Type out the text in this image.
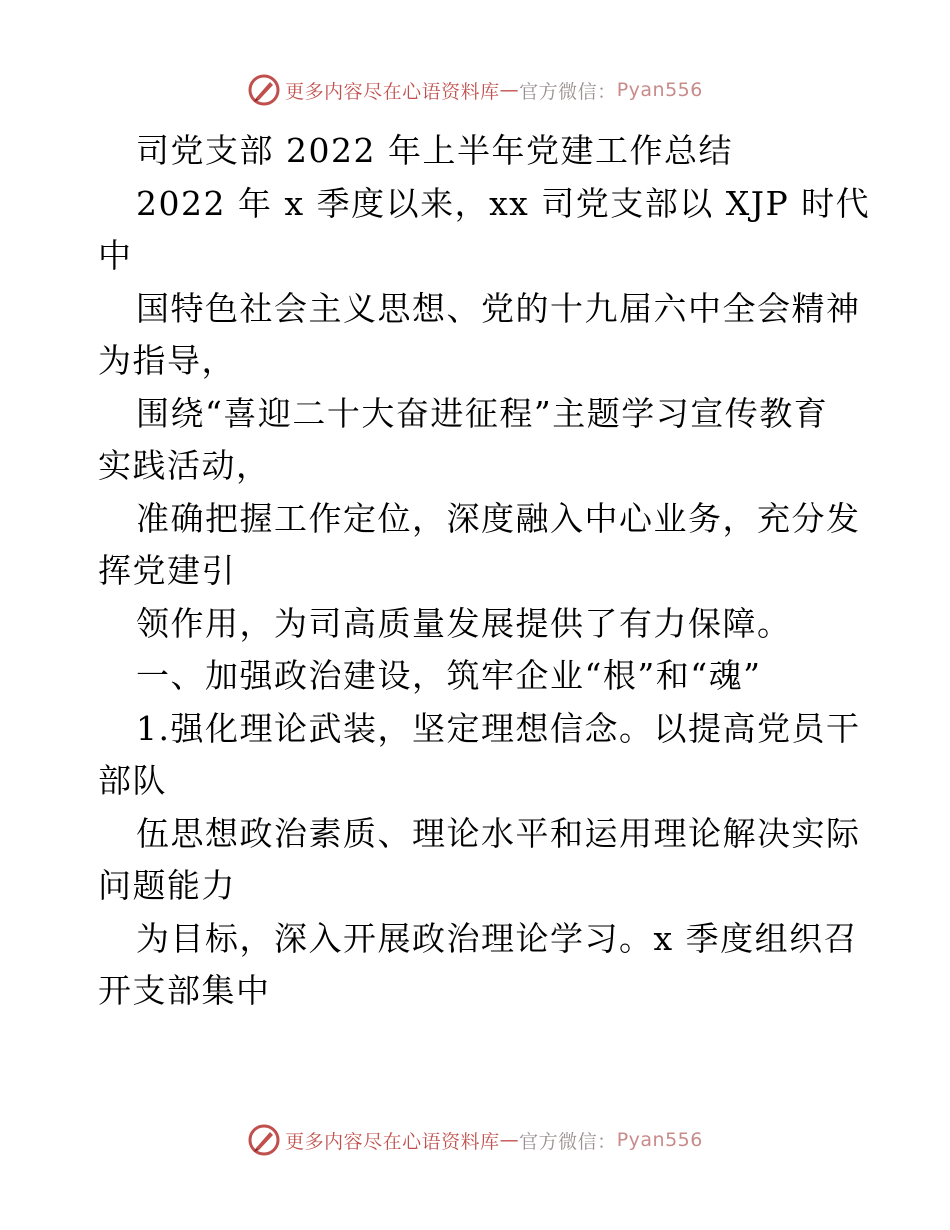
更多内容尽在心语资料库 — 官方微信： Pyan556
司党支部 2022 年上半年党建工作总结
2022 年 x 季度以来，xx 司党支部以 XJP 时代
中
国特色社会主义思想、党的十九届六中全会精神
为指导，
围绕“喜迎二十大奋进征程”主题学习宣传教育
实践活动，
准确把握工作定位，深度融入中心业务，充分发
挥党建引
领作用，为司高质量发展提供了有力保障。
一、加强政治建设，筑牢企业“根”和“魂”
1.强化理论武装，坚定理想信念。以提高党员干
部队
伍思想政治素质、理论水平和运用理论解决实际
问题能力
为目标，深入开展政治理论学习。x 季度组织召
开支部集中
更多内容尽在心语资料库 — 官方微信： Pyan556
